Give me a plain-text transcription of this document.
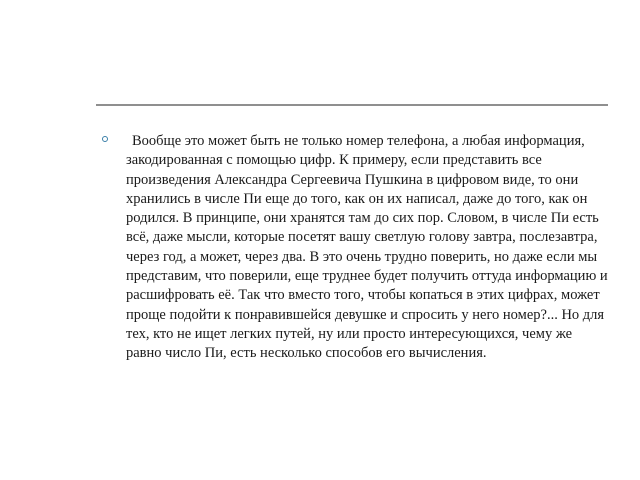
Вообще это может быть не только номер телефона, а любая информация, закодированная с помощью цифр. К примеру, если представить все произведения Александра Сергеевича Пушкина в цифровом виде, то они хранились в числе Пи еще до того, как он их написал, даже до того, как он родился. В принципе, они хранятся там до сих пор. Словом, в числе Пи есть всё, даже мысли, которые посетят вашу светлую голову завтра, послезавтра, через год, а может, через два. В это очень трудно поверить, но даже если мы представим, что поверили, еще труднее будет получить оттуда информацию и расшифровать её. Так что вместо того, чтобы копаться в этих цифрах, может проще подойти к понравившейся девушке и спросить у него номер?... Но для тех, кто не ищет легких путей, ну или просто интересующихся, чему же равно число Пи, есть несколько способов его вычисления.
